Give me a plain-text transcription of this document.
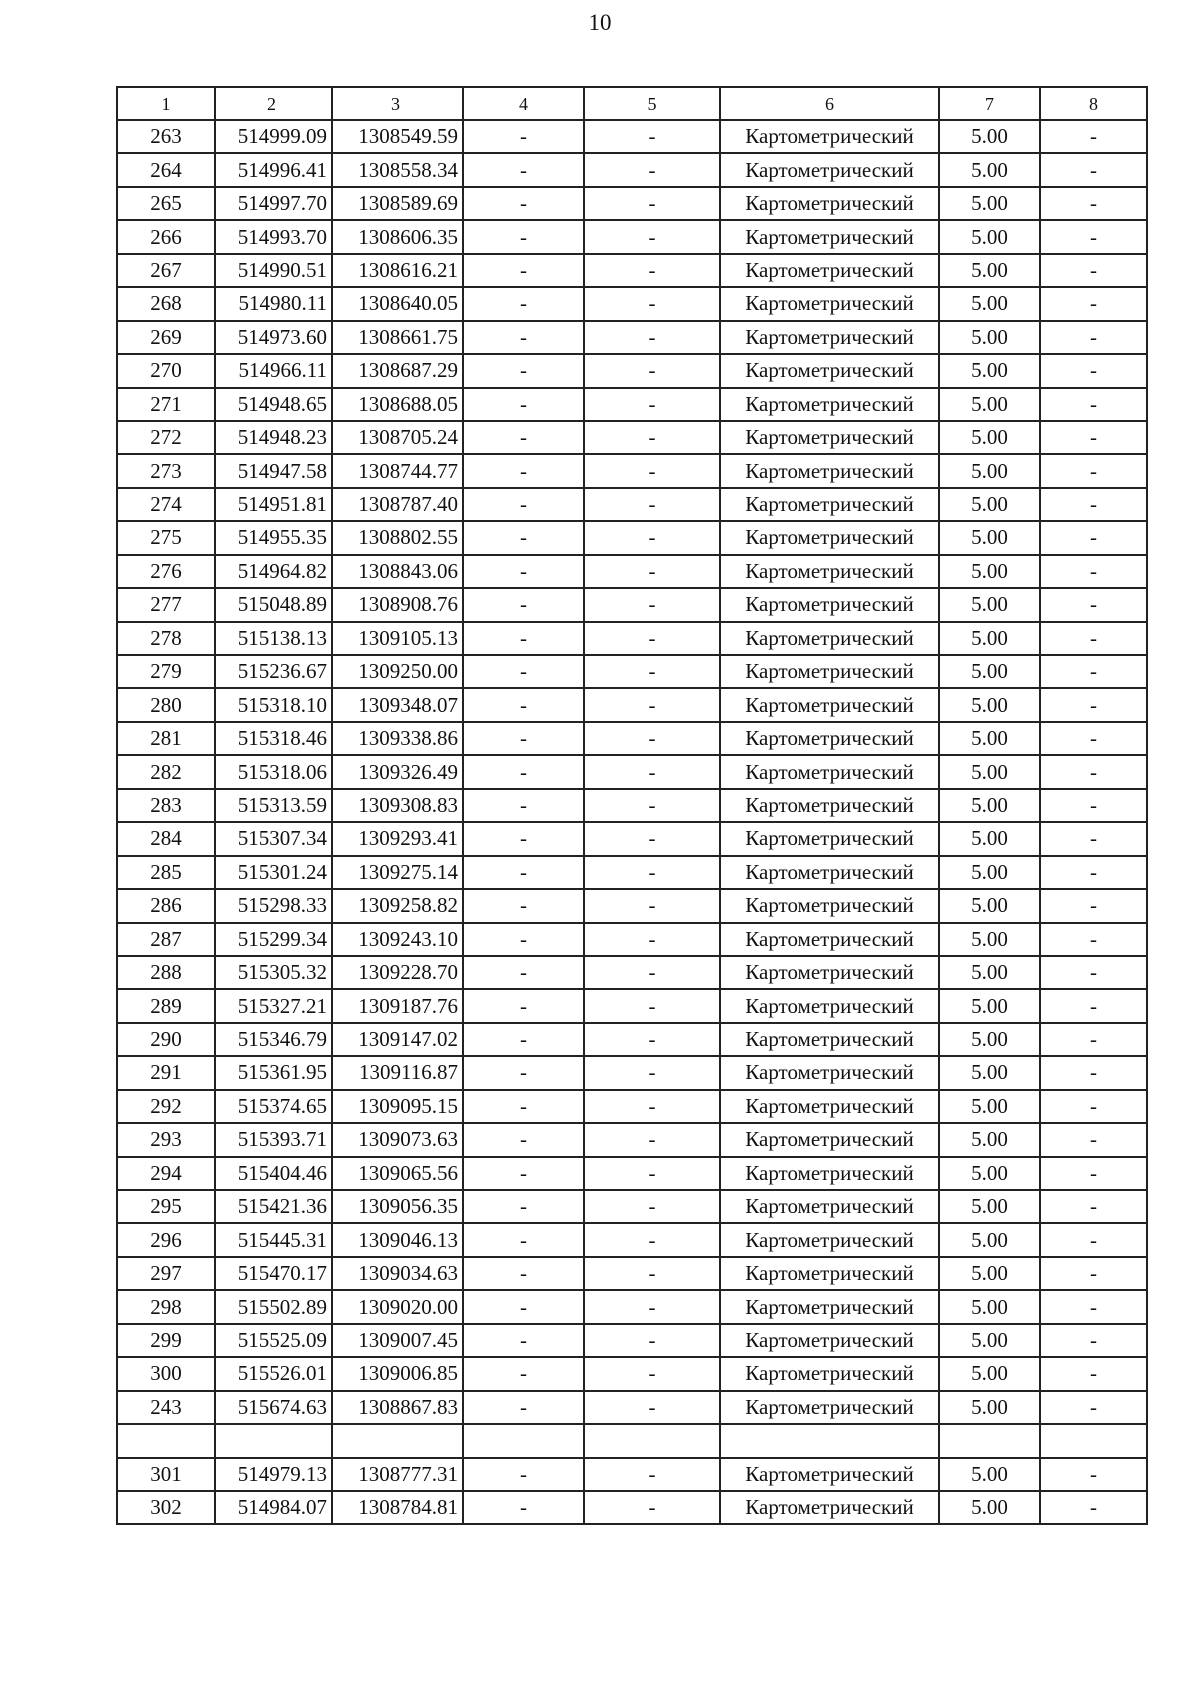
10
1	2	3	4	5	6	7	8
263	514999.09	1308549.59	-	-	Картометрический	5.00	-
264	514996.41	1308558.34	-	-	Картометрический	5.00	-
265	514997.70	1308589.69	-	-	Картометрический	5.00	-
266	514993.70	1308606.35	-	-	Картометрический	5.00	-
267	514990.51	1308616.21	-	-	Картометрический	5.00	-
268	514980.11	1308640.05	-	-	Картометрический	5.00	-
269	514973.60	1308661.75	-	-	Картометрический	5.00	-
270	514966.11	1308687.29	-	-	Картометрический	5.00	-
271	514948.65	1308688.05	-	-	Картометрический	5.00	-
272	514948.23	1308705.24	-	-	Картометрический	5.00	-
273	514947.58	1308744.77	-	-	Картометрический	5.00	-
274	514951.81	1308787.40	-	-	Картометрический	5.00	-
275	514955.35	1308802.55	-	-	Картометрический	5.00	-
276	514964.82	1308843.06	-	-	Картометрический	5.00	-
277	515048.89	1308908.76	-	-	Картометрический	5.00	-
278	515138.13	1309105.13	-	-	Картометрический	5.00	-
279	515236.67	1309250.00	-	-	Картометрический	5.00	-
280	515318.10	1309348.07	-	-	Картометрический	5.00	-
281	515318.46	1309338.86	-	-	Картометрический	5.00	-
282	515318.06	1309326.49	-	-	Картометрический	5.00	-
283	515313.59	1309308.83	-	-	Картометрический	5.00	-
284	515307.34	1309293.41	-	-	Картометрический	5.00	-
285	515301.24	1309275.14	-	-	Картометрический	5.00	-
286	515298.33	1309258.82	-	-	Картометрический	5.00	-
287	515299.34	1309243.10	-	-	Картометрический	5.00	-
288	515305.32	1309228.70	-	-	Картометрический	5.00	-
289	515327.21	1309187.76	-	-	Картометрический	5.00	-
290	515346.79	1309147.02	-	-	Картометрический	5.00	-
291	515361.95	1309116.87	-	-	Картометрический	5.00	-
292	515374.65	1309095.15	-	-	Картометрический	5.00	-
293	515393.71	1309073.63	-	-	Картометрический	5.00	-
294	515404.46	1309065.56	-	-	Картометрический	5.00	-
295	515421.36	1309056.35	-	-	Картометрический	5.00	-
296	515445.31	1309046.13	-	-	Картометрический	5.00	-
297	515470.17	1309034.63	-	-	Картометрический	5.00	-
298	515502.89	1309020.00	-	-	Картометрический	5.00	-
299	515525.09	1309007.45	-	-	Картометрический	5.00	-
300	515526.01	1309006.85	-	-	Картометрический	5.00	-
243	515674.63	1308867.83	-	-	Картометрический	5.00	-

301	514979.13	1308777.31	-	-	Картометрический	5.00	-
302	514984.07	1308784.81	-	-	Картометрический	5.00	-
